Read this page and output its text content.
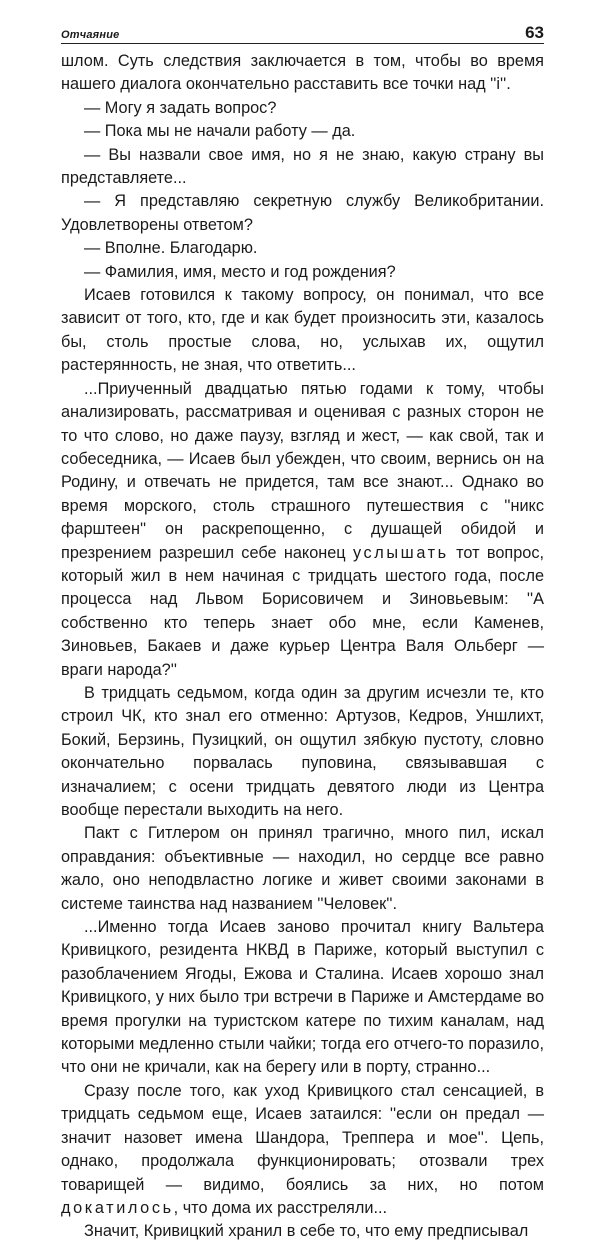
Отчаяние	63

шлом. Суть следствия заключается в том, чтобы во время нашего диалога окончательно расставить все точки над ''i''.

— Могу я задать вопрос?

— Пока мы не начали работу — да.

— Вы назвали свое имя, но я не знаю, какую страну вы представляете...

— Я представляю секретную службу Великобритании. Удовлетворены ответом?

— Вполне. Благодарю.

— Фамилия, имя, место и год рождения?

Исаев готовился к такому вопросу, он понимал, что все зависит от того, кто, где и как будет произносить эти, казалось бы, столь простые слова, но, услыхав их, ощутил растерянность, не зная, что ответить...

...Приученный двадцатью пятью годами к тому, чтобы анализировать, рассматривая и оценивая с разных сторон не то что слово, но даже паузу, взгляд и жест, — как свой, так и собеседника, — Исаев был убежден, что своим, вернись он на Родину, и отвечать не придется, там все знают... Однако во время морского, столь страшного путешествия с ''никс фарштеен'' он раскрепощенно, с душащей обидой и презрением разрешил себе наконец услышать тот вопрос, который жил в нем начиная с тридцать шестого года, после процесса над Львом Борисовичем и Зиновьевым: ''А собственно кто теперь знает обо мне, если Каменев, Зиновьев, Бакаев и даже курьер Центра Валя Ольберг — враги народа?''

В тридцать седьмом, когда один за другим исчезли те, кто строил ЧК, кто знал его отменно: Артузов, Кедров, Уншлихт, Бокий, Берзинь, Пузицкий, он ощутил зябкую пустоту, словно окончательно порвалась пуповина, связывавшая с изначалием; с осени тридцать девятого люди из Центра вообще перестали выходить на него.

Пакт с Гитлером он принял трагично, много пил, искал оправдания: объективные — находил, но сердце все равно жало, оно неподвластно логике и живет своими законами в системе таинства над названием ''Человек''.

...Именно тогда Исаев заново прочитал книгу Вальтера Кривицкого, резидента НКВД в Париже, который выступил с разоблачением Ягоды, Ежова и Сталина. Исаев хорошо знал Кривицкого, у них было три встречи в Париже и Амстердаме во время прогулки на туристском катере по тихим каналам, над которыми медленно стыли чайки; тогда его отчего-то поразило, что они не кричали, как на берегу или в порту, странно...

Сразу после того, как уход Кривицкого стал сенсацией, в тридцать седьмом еще, Исаев затаился: ''если он предал — значит назовет имена Шандора, Треппера и мое''. Цепь, однако, продолжала функционировать; отозвали трех товарищей — видимо, боялись за них, но потом докатилось, что дома их расстреляли...

Значит, Кривицкий хранил в себе то, что ему предписывал
